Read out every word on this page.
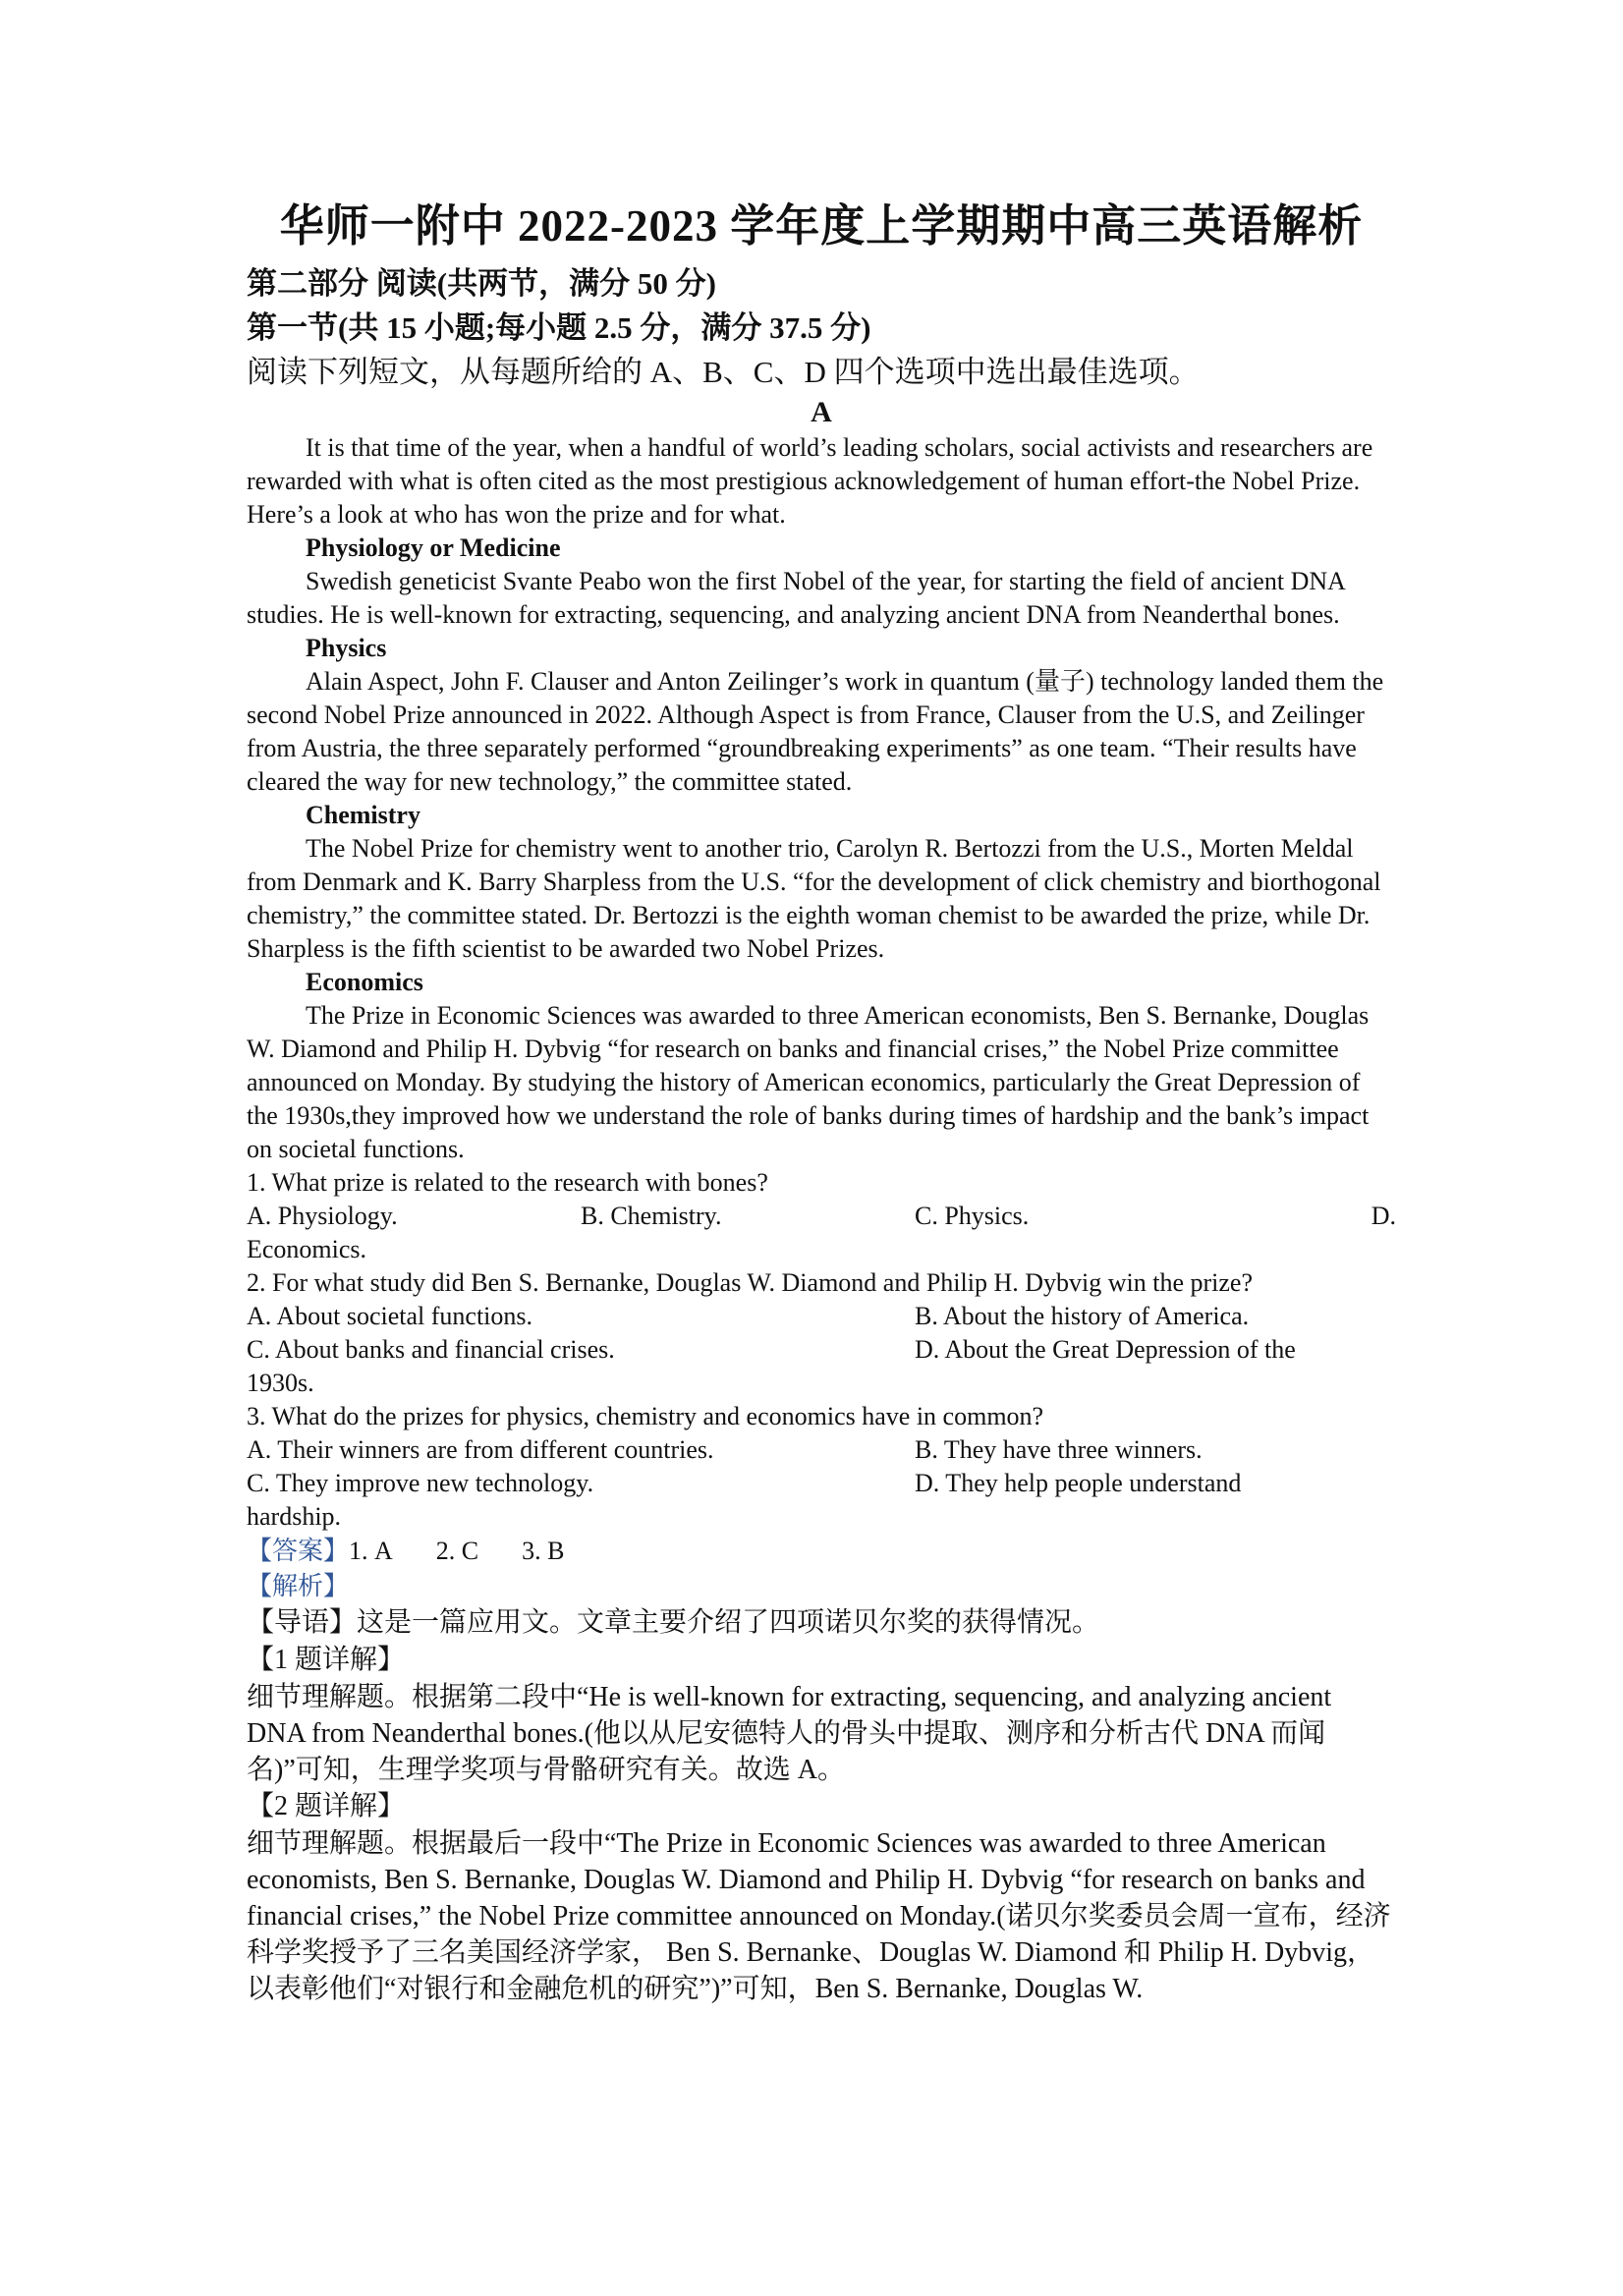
华师一附中 2022-2023 学年度上学期期中高三英语解析

第二部分 阅读(共两节，满分 50 分)

第一节(共 15 小题;每小题 2.5 分，满分 37.5 分)

阅读下列短文，从每题所给的 A、B、C、D 四个选项中选出最佳选项。

A

It is that time of the year, when a handful of world’s leading scholars, social activists and researchers are rewarded with what is often cited as the most prestigious acknowledgement of human effort-the Nobel Prize. Here’s a look at who has won the prize and for what.

Physiology or Medicine

Swedish geneticist Svante Peabo won the first Nobel of the year, for starting the field of ancient DNA studies. He is well-known for extracting, sequencing, and analyzing ancient DNA from Neanderthal bones.

Physics

Alain Aspect, John F. Clauser and Anton Zeilinger’s work in quantum (量子) technology landed them the second Nobel Prize announced in 2022. Although Aspect is from France, Clauser from the U.S, and Zeilinger from Austria, the three separately performed “groundbreaking experiments” as one team. “Their results have cleared the way for new technology,” the committee stated.

Chemistry

The Nobel Prize for chemistry went to another trio, Carolyn R. Bertozzi from the U.S., Morten Meldal from Denmark and K. Barry Sharpless from the U.S. “for the development of click chemistry and biorthogonal chemistry,” the committee stated. Dr. Bertozzi is the eighth woman chemist to be awarded the prize, while Dr. Sharpless is the fifth scientist to be awarded two Nobel Prizes.

Economics

The Prize in Economic Sciences was awarded to three American economists, Ben S. Bernanke, Douglas W. Diamond and Philip H. Dybvig “for research on banks and financial crises,” the Nobel Prize committee announced on Monday. By studying the history of American economics, particularly the Great Depression of the 1930s,they improved how we understand the role of banks during times of hardship and the bank’s impact on societal functions.

1. What prize is related to the research with bones?

A. Physiology.	B. Chemistry.	C. Physics.	D.

Economics.

2. For what study did Ben S. Bernanke, Douglas W. Diamond and Philip H. Dybvig win the prize?

A. About societal functions.	B. About the history of America.
C. About banks and financial crises.	D. About the Great Depression of the

1930s.

3. What do the prizes for physics, chemistry and economics have in common?

A. Their winners are from different countries.	B. They have three winners.
C. They improve new technology.	D. They help people understand

hardship.

【答案】1. A 2. C 3. B

【解析】

【导语】这是一篇应用文。文章主要介绍了四项诺贝尔奖的获得情况。

【1 题详解】

细节理解题。根据第二段中“He is well-known for extracting, sequencing, and analyzing ancient DNA from Neanderthal bones.(他以从尼安德特人的骨头中提取、测序和分析古代 DNA 而闻名)”可知，生理学奖项与骨骼研究有关。故选 A。

【2 题详解】

细节理解题。根据最后一段中“The Prize in Economic Sciences was awarded to three American economists, Ben S. Bernanke, Douglas W. Diamond and Philip H. Dybvig “for research on banks and financial crises,” the Nobel Prize committee announced on Monday.(诺贝尔奖委员会周一宣布，经济科学奖授予了三名美国经济学家， Ben S. Bernanke、Douglas W. Diamond 和 Philip H. Dybvig，以表彰他们“对银行和金融危机的研究”)”可知，Ben S. Bernanke, Douglas W.
